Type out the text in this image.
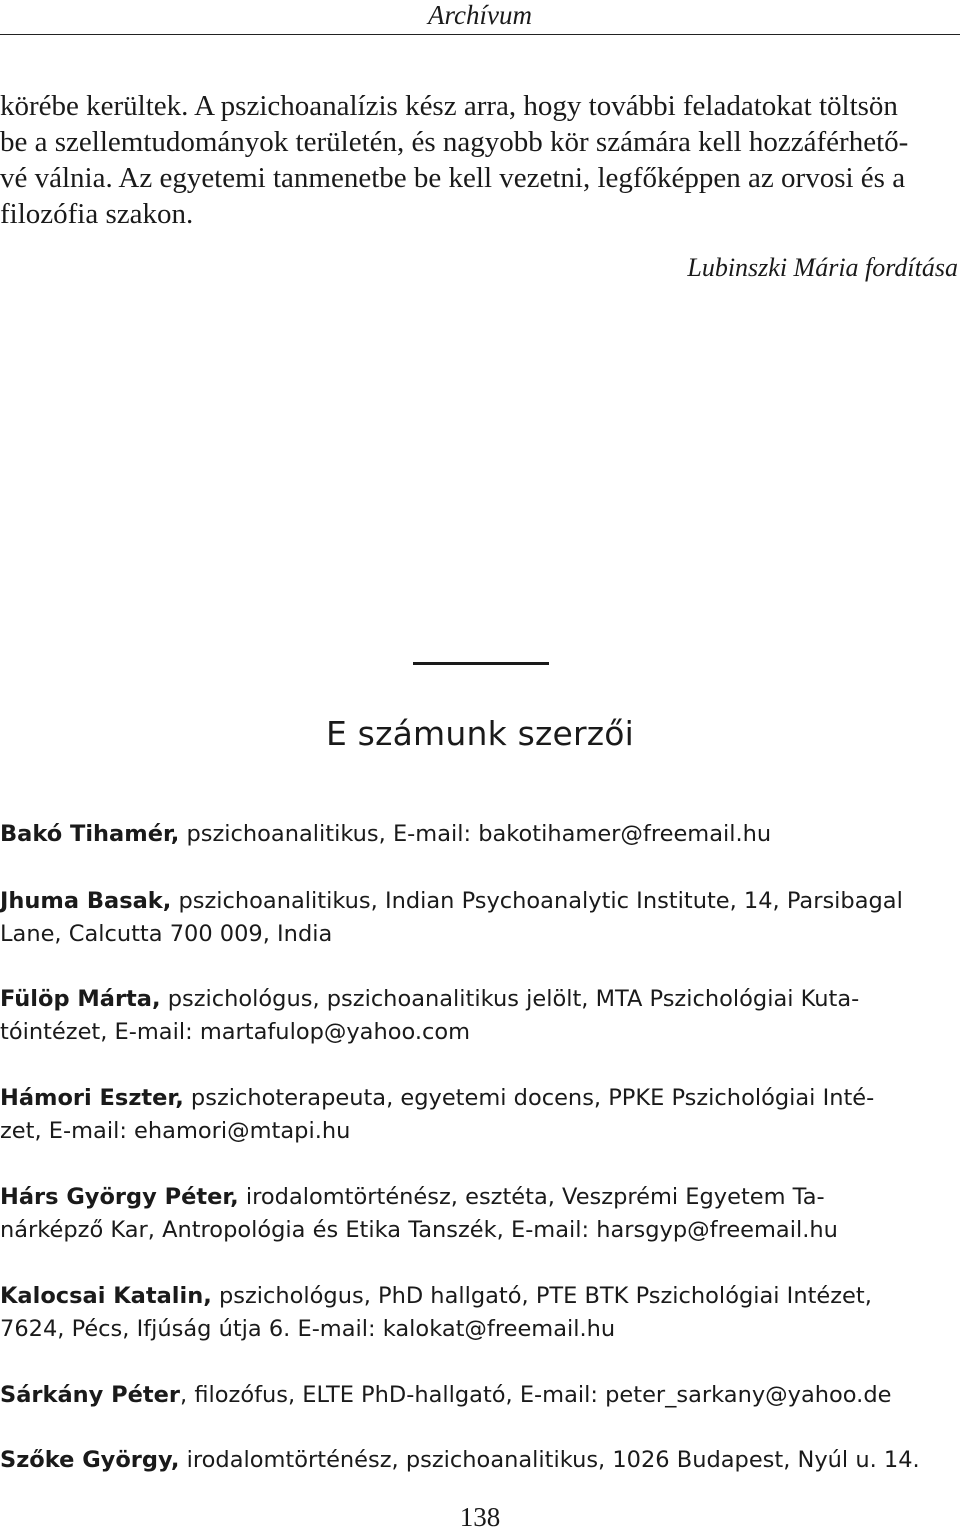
Archívum
körébe kerültek. A pszichoanalízis kész arra, hogy további feladatokat töltsön
be a szellemtudományok területén, és nagyobb kör számára kell hozzáférhető-
vé válnia. Az egyetemi tanmenetbe be kell vezetni, legfőképpen az orvosi és a
filozófia szakon.
Lubinszki Mária fordítása
E számunk szerzői
Bakó Tihamér, pszichoanalitikus, E-mail: bakotihamer@freemail.hu
Jhuma Basak, pszichoanalitikus, Indian Psychoanalytic Institute, 14, Parsibagal
Lane, Calcutta 700 009, India
Fülöp Márta, pszichológus, pszichoanalitikus jelölt, MTA Pszichológiai Kuta-
tóintézet, E-mail: martafulop@yahoo.com
Hámori Eszter, pszichoterapeuta, egyetemi docens, PPKE Pszichológiai Inté-
zet, E-mail: ehamori@mtapi.hu
Hárs György Péter, irodalomtörténész, esztéta, Veszprémi Egyetem Ta-
nárképző Kar, Antropológia és Etika Tanszék, E-mail: harsgyp@freemail.hu
Kalocsai Katalin, pszichológus, PhD hallgató, PTE BTK Pszichológiai Intézet,
7624, Pécs, Ifjúság útja 6. E-mail: kalokat@freemail.hu
Sárkány Péter, filozófus, ELTE PhD-hallgató, E-mail: peter_sarkany@yahoo.de
Szőke György, irodalomtörténész, pszichoanalitikus, 1026 Budapest, Nyúl u. 14.
138
